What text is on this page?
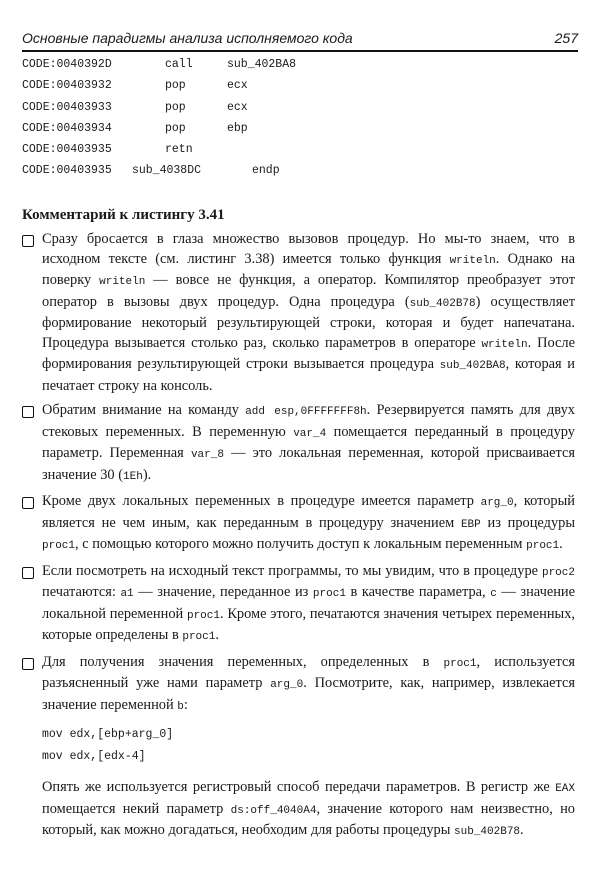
Основные парадигмы анализа исполняемого кода	257
CODE:0040392D	call	sub_402BA8
CODE:00403932	pop	ecx
CODE:00403933	pop	ecx
CODE:00403934	pop	ebp
CODE:00403935	retn
CODE:00403935 sub_4038DC	endp
Комментарий к листингу 3.41

Сразу бросается в глаза множество вызовов процедур. Но мы-то знаем, что в исходном тексте (см. листинг 3.38) имеется только функция writeln. Однако на поверку writeln — вовсе не функция, а оператор. Компилятор преобразует этот оператор в вызовы двух процедур. Одна процедура (sub_402B78) осуществляет формирование некоторый результирующей строки, которая и будет напечатана. Процедура вызывается столько раз, сколько параметров в операторе writeln. После формирования результирующей строки вызывается процедура sub_402BA8, которая и печатает строку на консоль.

Обратим внимание на команду add esp,0FFFFFFF8h. Резервируется память для двух стековых переменных. В переменную var_4 помещается переданный в процедуру параметр. Переменная var_8 — это локальная переменная, которой присваивается значение 30 (1Eh).

Кроме двух локальных переменных в процедуре имеется параметр arg_0, который является не чем иным, как переданным в процедуру значением EBP из процедуры proc1, с помощью которого можно получить доступ к локальным переменным proc1.

Если посмотреть на исходный текст программы, то мы увидим, что в процедуре proc2 печатаются: a1 — значение, переданное из proc1 в качестве параметра, c — значение локальной переменной proc1. Кроме этого, печатаются значения четырех переменных, которые определены в proc1.

Для получения значения переменных, определенных в proc1, используется разъясненный уже нами параметр arg_0. Посмотрите, как, например, извлекается значение переменной b:

mov edx,[ebp+arg_0]
mov edx,[edx-4]

Опять же используется регистровый способ передачи параметров. В регистр же EAX помещается некий параметр ds:off_4040A4, значение которого нам неизвестно, но который, как можно догадаться, необходим для работы процедуры sub_402B78.
